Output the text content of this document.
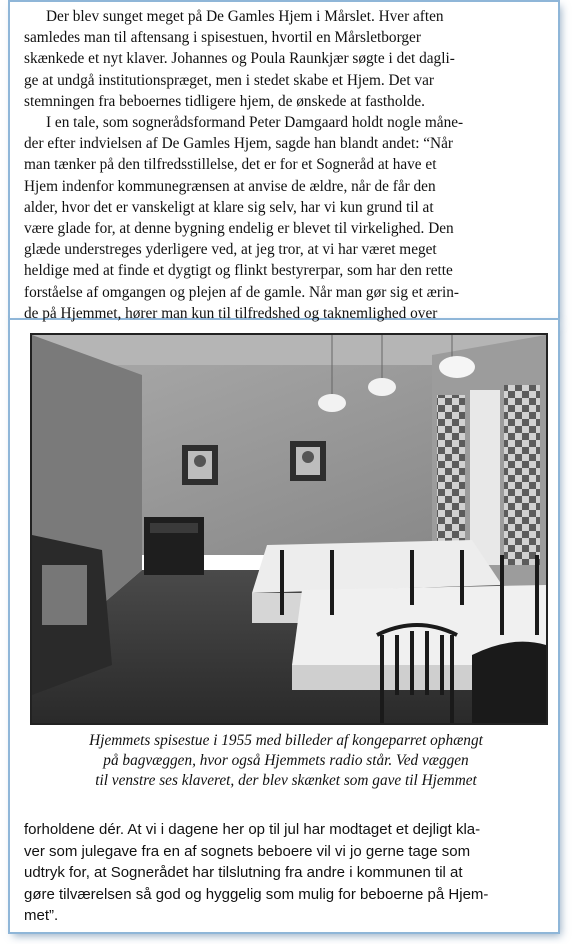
Der blev sunget meget på De Gamles Hjem i Mårslet. Hver aften
samledes man til aftensang i spisestuen, hvortil en Mårsletborger
skænkede et nyt klaver. Johannes og Poula Raunkjær søgte i det dagli-
ge at undgå institutionspræget, men i stedet skabe et Hjem. Det var
stemningen fra beboernes tidligere hjem, de ønskede at fastholde.
I en tale, som sognerådsformand Peter Damgaard holdt nogle måne-
der efter indvielsen af De Gamles Hjem, sagde han blandt andet: “Når
man tænker på den tilfredsstillelse, det er for et Sogneråd at have et
Hjem indenfor kommunegrænsen at anvise de ældre, når de får den
alder, hvor det er vanskeligt at klare sig selv, har vi kun grund til at
være glade for, at denne bygning endelig er blevet til virkelighed. Den
glæde understreges yderligere ved, at jeg tror, at vi har været meget
heldige med at finde et dygtigt og flinkt bestyrerpar, som har den rette
forståelse af omgangen og plejen af de gamle. Når man gør sig et ærin-
de på Hjemmet, hører man kun til tilfredshed og taknemlighed over
Hjemmets spisestue i 1955 med billeder af kongeparret ophængt
på bagvæggen, hvor også Hjemmets radio står. Ved væggen
til venstre ses klaveret, der blev skænket som gave til Hjemmet
forholdene dér. At vi i dagene her op til jul har modtaget et dejligt kla-
ver som julegave fra en af sognets beboere vil vi jo gerne tage som
udtryk for, at Sognerådet har tilslutning fra andre i kommunen til at
gøre tilværelsen så god og hyggelig som mulig for beboerne på Hjem-
met”.
